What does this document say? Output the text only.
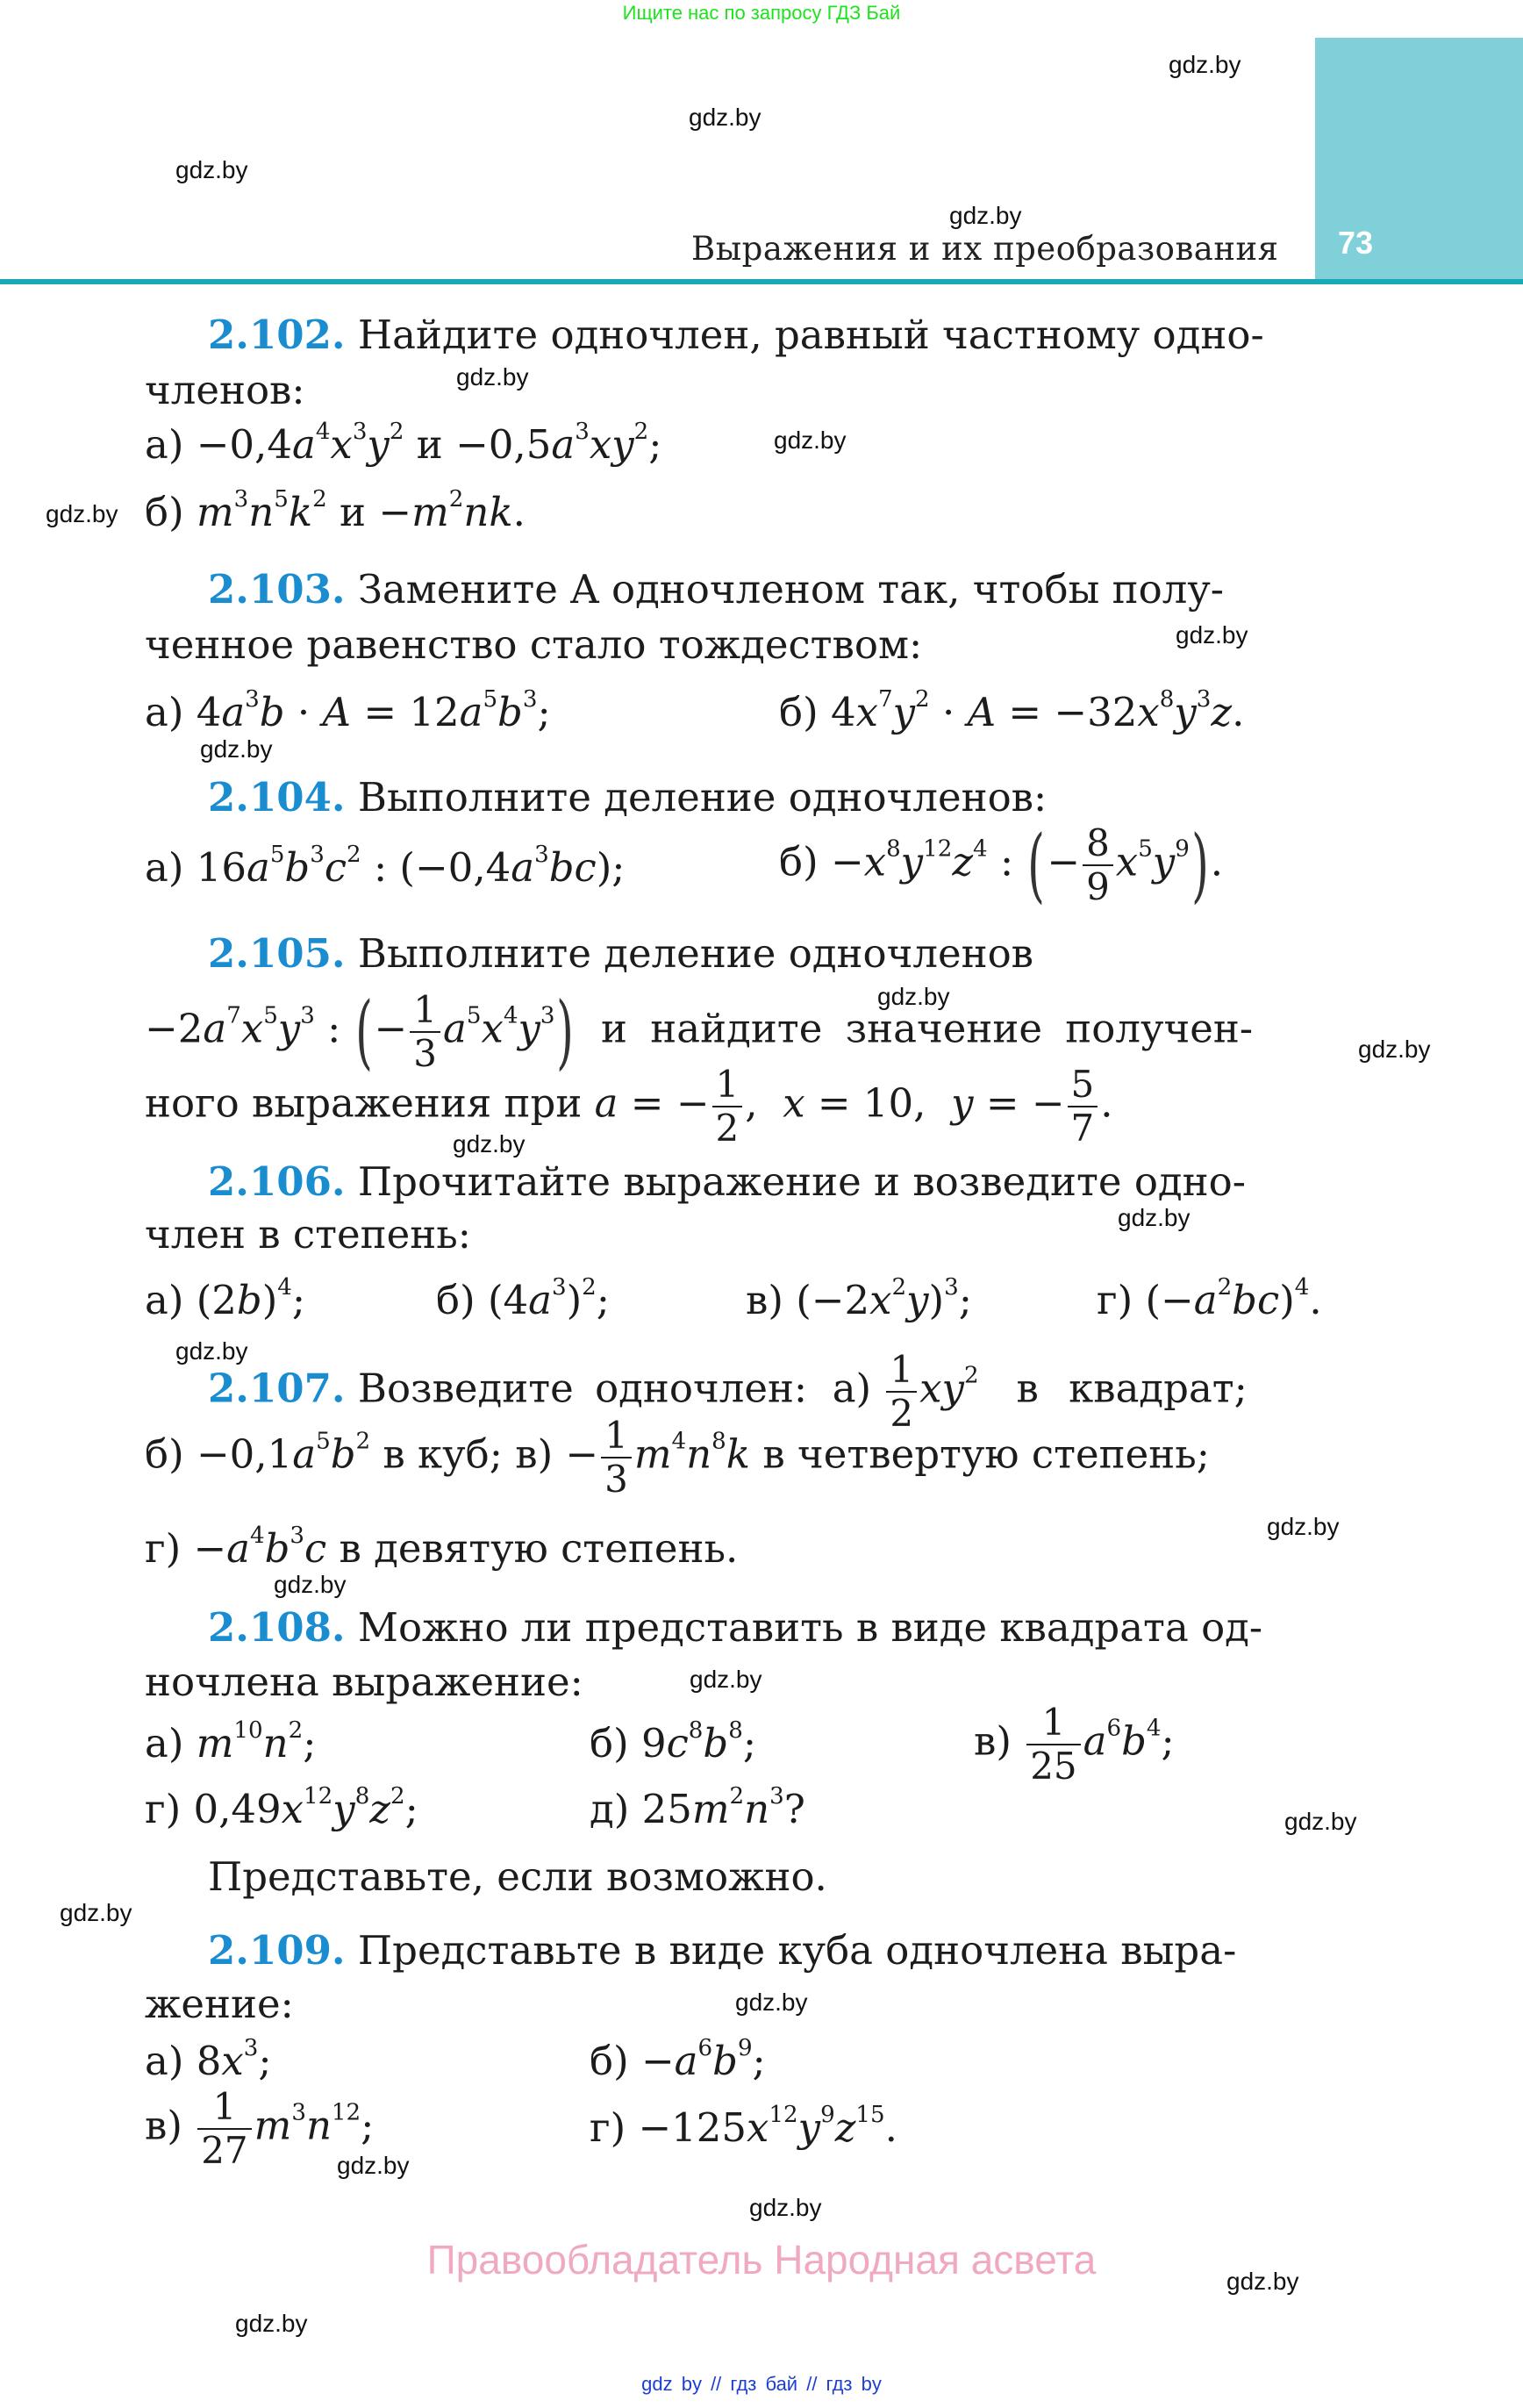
Ищите нас по запросу ГДЗ Бай
73
Выражения и их преобразования
gdz.by
gdz.by
gdz.by
gdz.by
gdz.by
gdz.by
gdz.by
gdz.by
gdz.by
gdz.by
gdz.by
gdz.by
gdz.by
gdz.by
gdz.by
gdz.by
gdz.by
gdz.by
gdz.by
gdz.by
gdz.by
gdz.by
gdz.by
gdz.by
2.102. Найдите одночлен, равный частному одно-
членов:
$а) -0,4a^4x^3y^2$ $и -0,5a^3xy^2$;
б) $m^3n^5k^2$ $и -m^2nk$.
2.103. Замените A одночленом так, чтобы полу-
ченное равенство стало тождеством:
а) $4a^3b \cdot A = 12a^5b^3$;	б) $4x^7y^2 \cdot A = -32x^8y^3z$.
2.104. Выполните деление одночленов:
а) $16a^5b^3c^2$ : $(-0,4a^3bc)$;	$б) -x^8y^{12}z^4$ : (− $\frac{8}{9} x^5y^9$).
2.105. Выполните деление одночленов
$-2a^7x^5y^3$ : (− $\frac{1}{3} a^5x^4y^3$) и найдите значение получен-
ного выражения при a = − $\frac{1}{2}$ ,  x = 10,  y = − $\frac{5}{7}$ .
2.106. Прочитайте выражение и возведите одно-
член в степень:
а) $(2b)^4$;	б) $(4a^3)^2$;	в) $(-2x^2y)^3$;	г) $(-a^2bc)^4$.
2.107. Возведите одночлен: $а) \frac{1}{2} xy^2$ в квадрат;
$б) -0,1a^5b^2$ в куб; $в) - \frac{1}{3} m^4n^8k$ в четвертую степень;
$г) -a^4b^3c$ в девятую степень.
2.108. Можно ли представить в виде квадрата од-
ночлена выражение:
а) $m^{10}n^2$;	б) $9c^8b^8$;	$в) \frac{1}{25} a^6b^4$;
г) $0,49x^{12}y^8z^2$;	д) $25m^2n^3$?
Представьте, если возможно.
2.109. Представьте в виде куба одночлена выра-
жение:
а) $8x^3$;	$б) -a^6b^9$;
$в) \frac{1}{27} m^3n^{12}$;	$г) -125x^{12}y^9z^{15}$.
Правообладатель Народная асвета
gdz by // гдз бай // гдз by
